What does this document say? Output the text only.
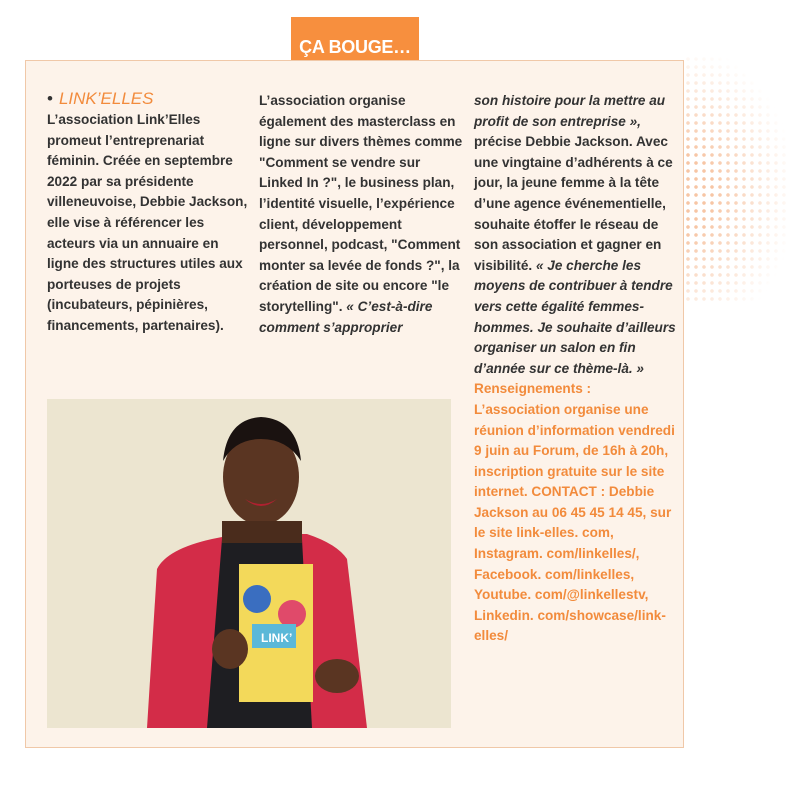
ÇA BOUGE…
• LINK’ELLES
L’association Link’Elles promeut l’entreprenariat féminin. Créée en septembre 2022 par sa présidente villeneuvoise, Debbie Jackson, elle vise à référencer les acteurs via un annuaire en ligne des structures utiles aux porteuses de projets (incubateurs, pépinières, financements, partenaires).
L’association organise également des masterclass en ligne sur divers thèmes comme "Comment se vendre sur Linked In ?", le business plan, l’identité visuelle, l’expérience client, développement personnel, podcast, "Comment monter sa levée de fonds ?", la création de site ou encore "le storytelling". « C’est-à-dire comment s’approprier
son histoire pour la mettre au profit de son entreprise », précise Debbie Jackson. Avec une vingtaine d’adhérents à ce jour, la jeune femme à la tête d’une agence événementielle, souhaite étoffer le réseau de son association et gagner en visibilité. « Je cherche les moyens de contribuer à tendre vers cette égalité femmes-hommes. Je souhaite d’ailleurs organiser un salon en fin d’année sur ce thème-là. »
Renseignements : L’association organise une réunion d’information vendredi 9 juin au Forum, de 16h à 20h, inscription gratuite sur le site internet. CONTACT : Debbie Jackson au 06 45 45 14 45, sur le site link-elles. com, Instagram. com/linkelles/, Facebook. com/linkelles, Youtube. com/@linkellestv, Linkedin. com/showcase/link-elles/
LINK’
